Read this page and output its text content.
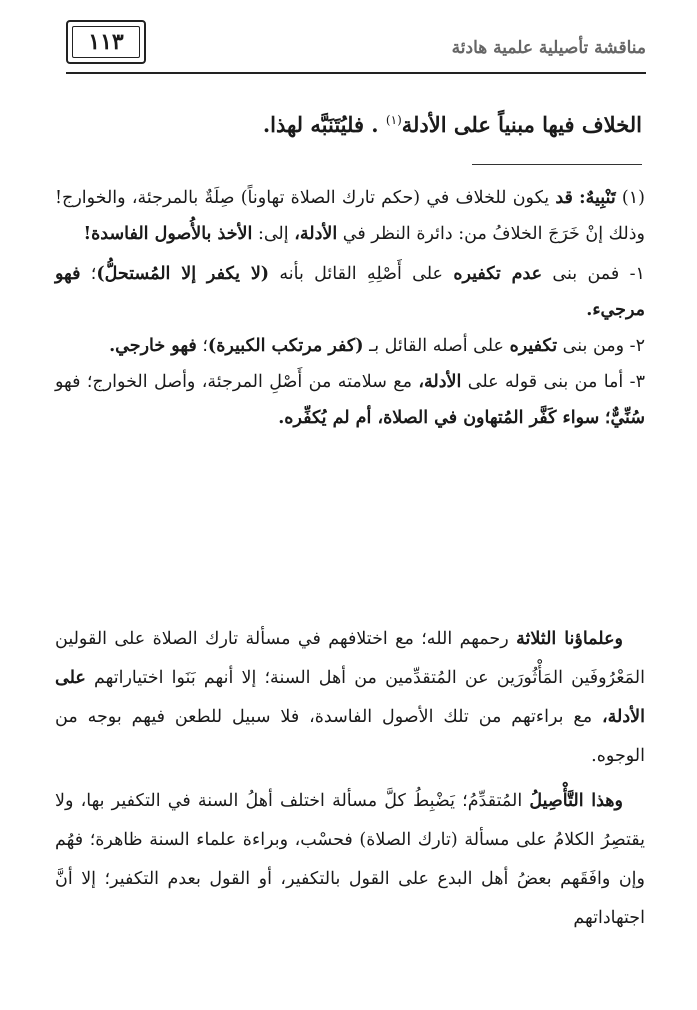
١١٣	مناقشة تأصيلية علمية هادئة
الخلاف فيها مبنياً على الأدلة$^{(١)}$ . فليُتَنَبَّه لهذا.

(١) تَنْبِيهٌ: قد يكون للخلاف في (حكم تارك الصلاة تهاوناً) صِلَةٌ بالمرجئة، والخوارج! وذلك إنْ خَرَجَ الخلافُ من: دائرة النظر في الأدلة، إلى: الأخذ بالأُصول الفاسدة!

١- فمن بنى عدم تكفيره على أَصْلِهِ القائل بأنه (لا يكفر إلا المُستحلُّ)؛ فهو مرجيء.

٢- ومن بنى تكفيره على أصله القائل بـ (كفر مرتكب الكبيرة)؛ فهو خارجي.

٣- أما من بنى قوله على الأدلة، مع سلامته من أَصْلِ المرجئة، وأصل الخوارج؛ فهو سُنِّيٌّ؛ سواء كَفَّر المُتهاون في الصلاة، أم لم يُكفِّره.

وعلماؤنا الثلاثة رحمهم الله؛ مع اختلافهم في مسألة تارك الصلاة على القولين المَعْرُوفَين المَأْثُورَين عن المُتقدِّمين من أهل السنة؛ إلا أنهم بَنَوا اختياراتهم على الأدلة، مع براءتهم من تلك الأصول الفاسدة، فلا سبيل للطعن فيهم بوجه من الوجوه.

وهذا التَّأْصِيلُ المُتقدِّمُ؛ يَضْبِطُ كلَّ مسألة اختلف أهلُ السنة في التكفير بها، ولا يقتصِرُ الكلامُ على مسألة (تارك الصلاة) فحسْب، وبراءة علماء السنة ظاهرة؛ فهُم وإن وافَقَهم بعضُ أهل البدع على القول بالتكفير، أو القول بعدم التكفير؛ إلا أنَّ اجتهاداتهم
